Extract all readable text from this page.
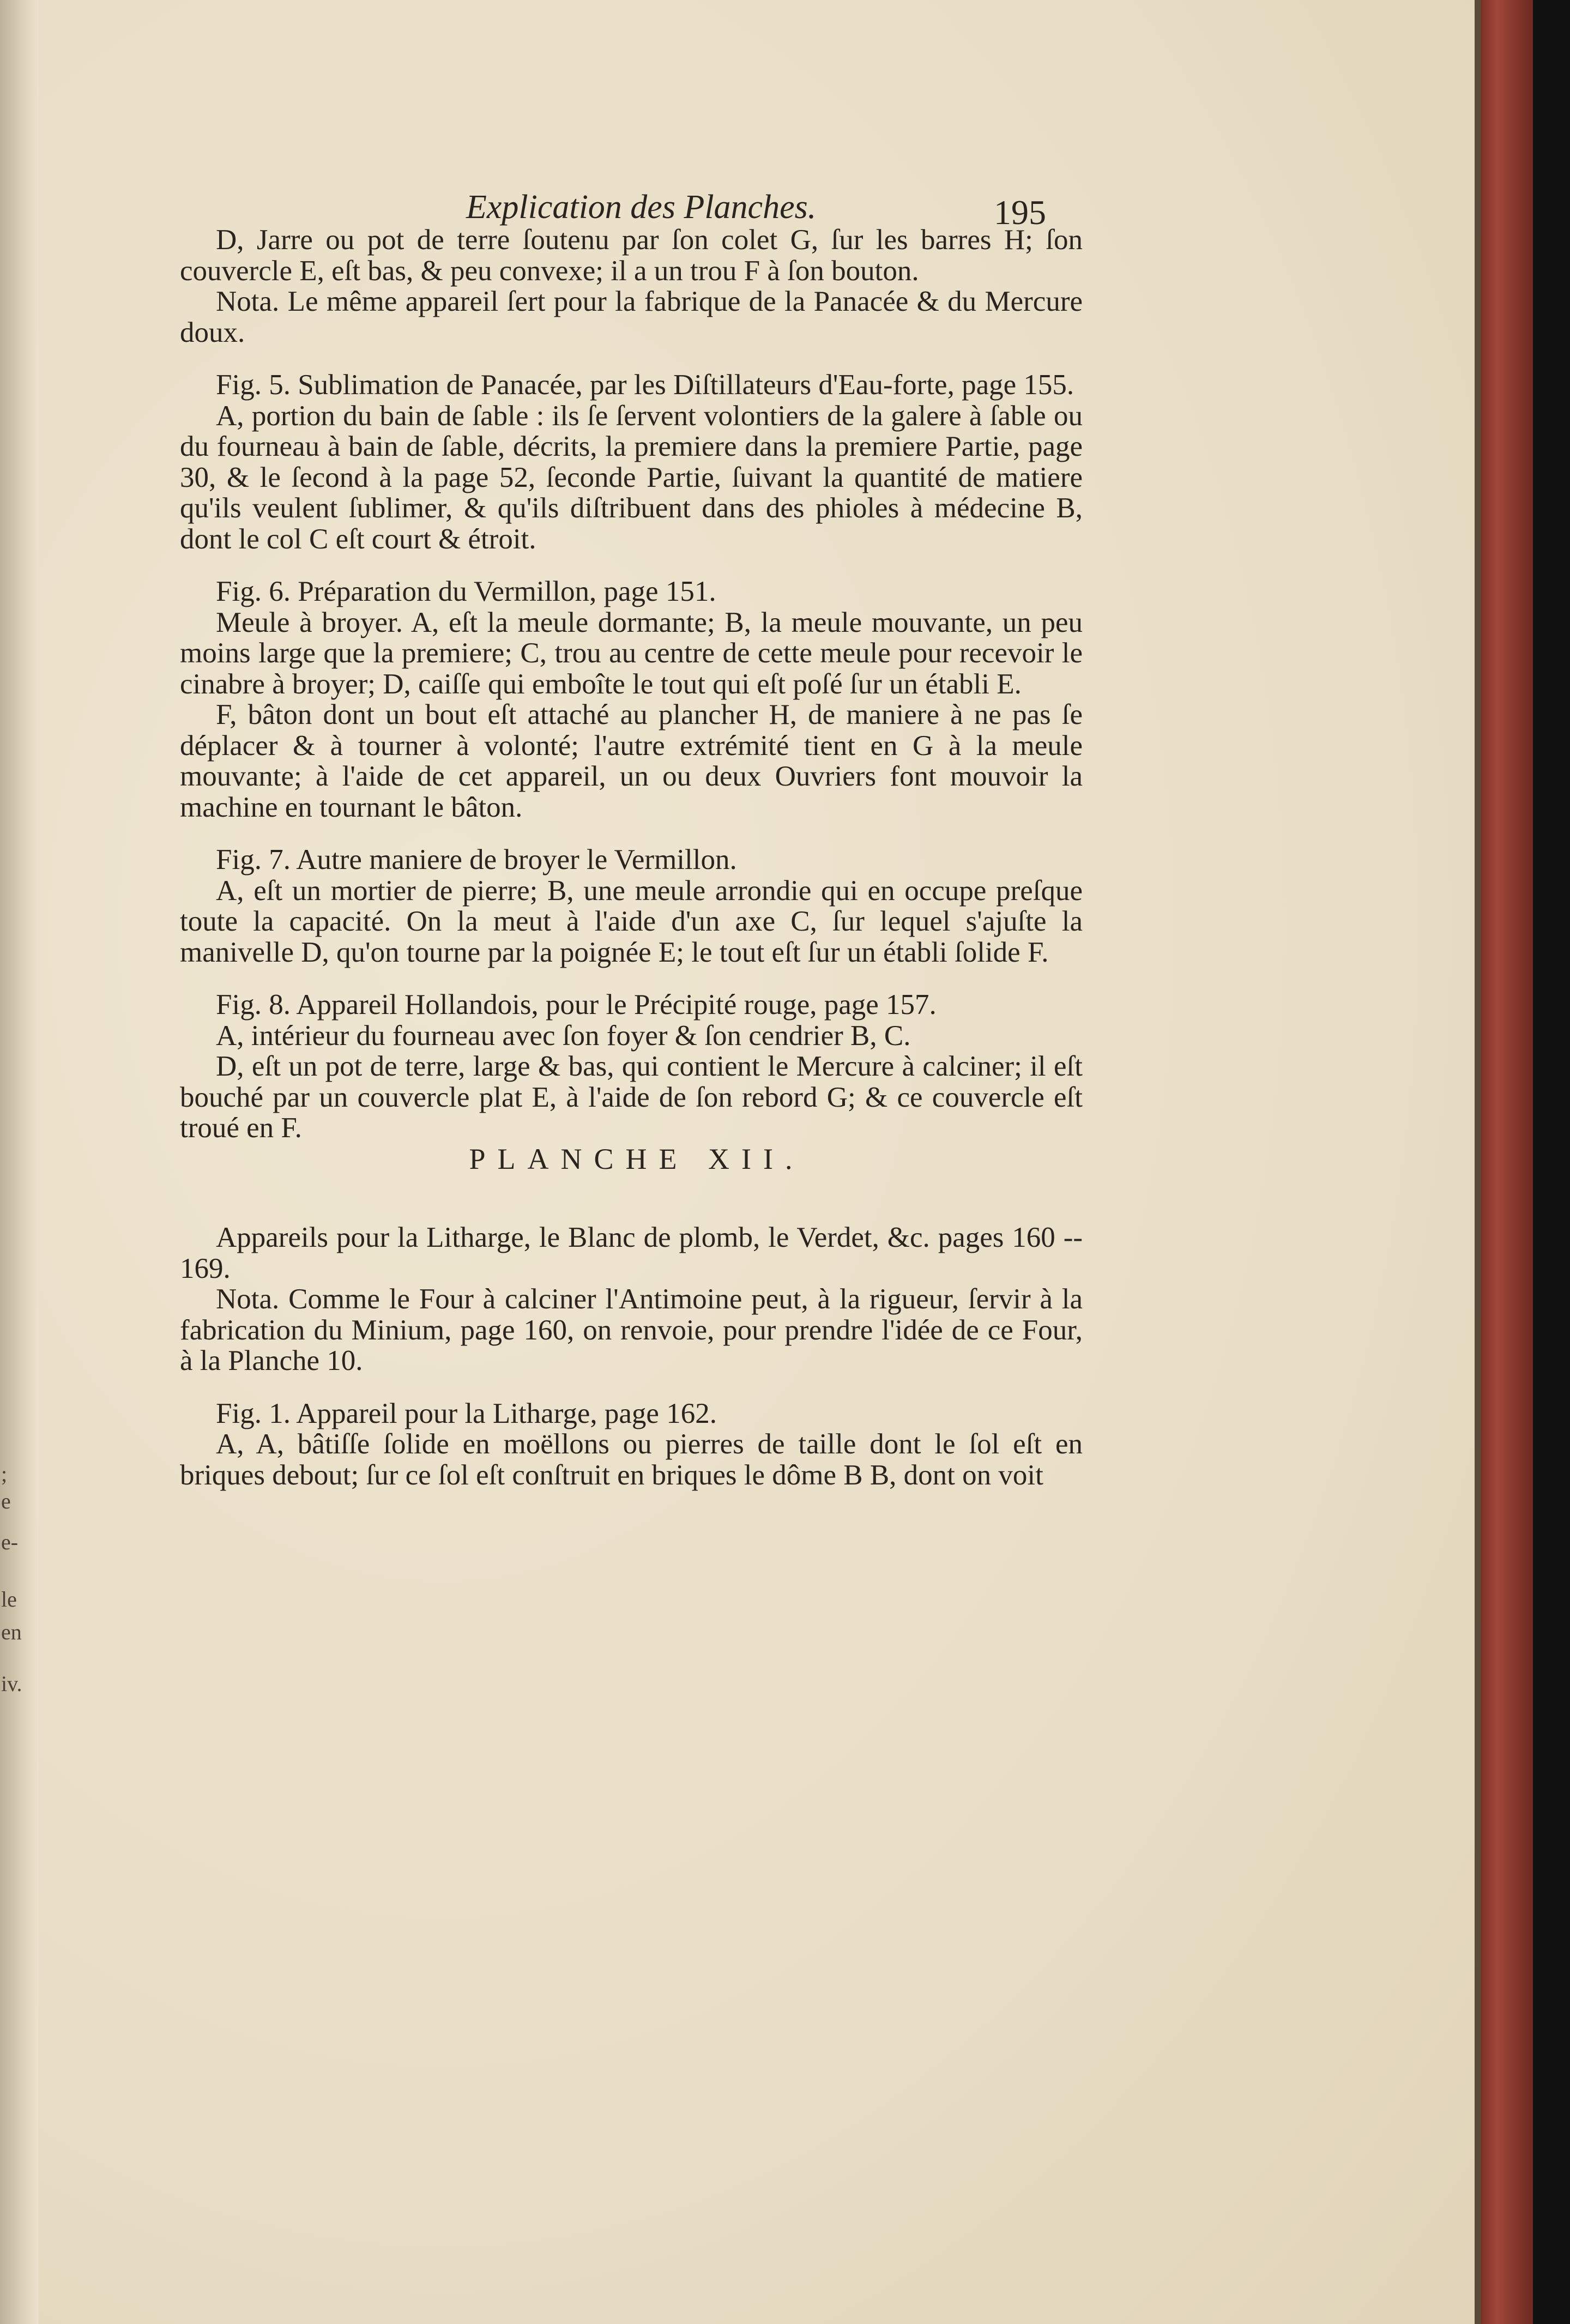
;
e
e-
le
en
iv.
Explication des Planches.	195

D, Jarre ou pot de terre ſoutenu par ſon colet G, ſur les barres H; ſon couvercle E, eſt bas, & peu convexe; il a un trou F à ſon bouton.

Nota. Le même appareil ſert pour la fabrique de la Panacée & du Mercure doux.

Fig. 5. Sublimation de Panacée, par les Diſtillateurs d'Eau-forte, page 155.

A, portion du bain de ſable : ils ſe ſervent volontiers de la galere à ſable ou du fourneau à bain de ſable, décrits, la premiere dans la premiere Partie, page 30, & le ſecond à la page 52, ſeconde Partie, ſuivant la quantité de matiere qu'ils veulent ſublimer, & qu'ils diſtribuent dans des phioles à médecine B, dont le col C eſt court & étroit.

Fig. 6. Préparation du Vermillon, page 151.

Meule à broyer. A, eſt la meule dormante; B, la meule mouvante, un peu moins large que la premiere; C, trou au centre de cette meule pour recevoir le cinabre à broyer; D, caiſſe qui emboîte le tout qui eſt poſé ſur un établi E.

F, bâton dont un bout eſt attaché au plancher H, de maniere à ne pas ſe déplacer & à tourner à volonté; l'autre extrémité tient en G à la meule mouvante; à l'aide de cet appareil, un ou deux Ouvriers font mouvoir la machine en tournant le bâton.

Fig. 7. Autre maniere de broyer le Vermillon.

A, eſt un mortier de pierre; B, une meule arrondie qui en occupe preſque toute la capacité. On la meut à l'aide d'un axe C, ſur lequel s'ajuſte la manivelle D, qu'on tourne par la poignée E; le tout eſt ſur un établi ſolide F.

Fig. 8. Appareil Hollandois, pour le Précipité rouge, page 157.

A, intérieur du fourneau avec ſon foyer & ſon cendrier B, C.

D, eſt un pot de terre, large & bas, qui contient le Mercure à calciner; il eſt bouché par un couvercle plat E, à l'aide de ſon rebord G; & ce couvercle eſt troué en F.

PLANCHE XII.

Appareils pour la Litharge, le Blanc de plomb, le Verdet, &c. pages 160 -- 169.

Nota. Comme le Four à calciner l'Antimoine peut, à la rigueur, ſervir à la fabrication du Minium, page 160, on renvoie, pour prendre l'idée de ce Four, à la Planche 10.

Fig. 1. Appareil pour la Litharge, page 162.

A, A, bâtiſſe ſolide en moëllons ou pierres de taille dont le ſol eſt en briques debout; ſur ce ſol eſt conſtruit en briques le dôme B B, dont on voit
